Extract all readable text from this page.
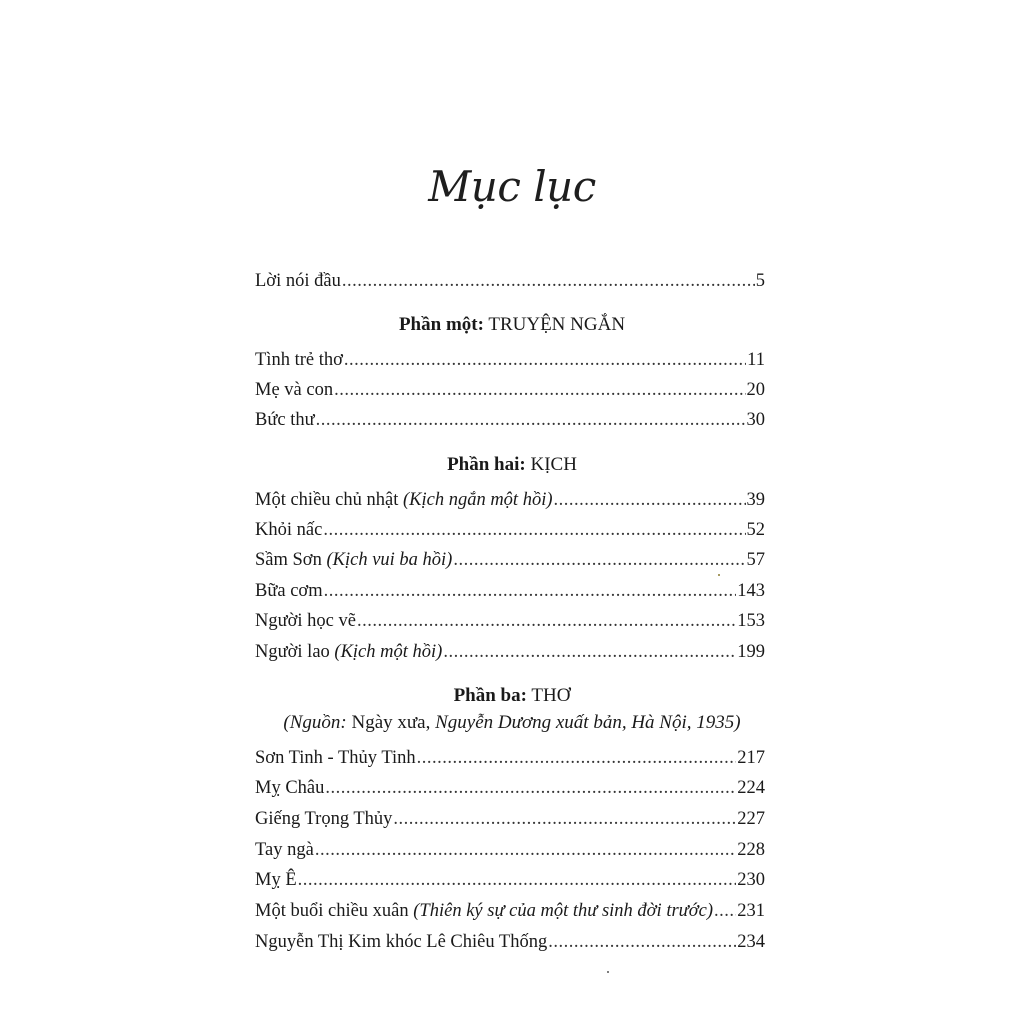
Mục lục
Lời nói đầu .....	5
Phần một: TRUYỆN NGẮN
Tình trẻ thơ .....	11
Mẹ và con .....	20
Bức thư .....	30
Phần hai: KỊCH
Một chiều chủ nhật (Kịch ngắn một hồi) .....	39
Khỏi nấc .....	52
Sầm Sơn (Kịch vui ba hồi) .....	57
Bữa cơm .....	143
Người học vẽ .....	153
Người lao (Kịch một hồi) .....	199
Phần ba: THƠ
(Nguồn: Ngày xưa, Nguyễn Dương xuất bản, Hà Nội, 1935)
Sơn Tinh - Thủy Tinh .....	217
Mỵ Châu .....	224
Giếng Trọng Thủy .....	227
Tay ngà .....	228
Mỵ Ê .....	230
Một buổi chiều xuân (Thiên ký sự của một thư sinh đời trước) ..... 231
Nguyễn Thị Kim khóc Lê Chiêu Thống .....	234
